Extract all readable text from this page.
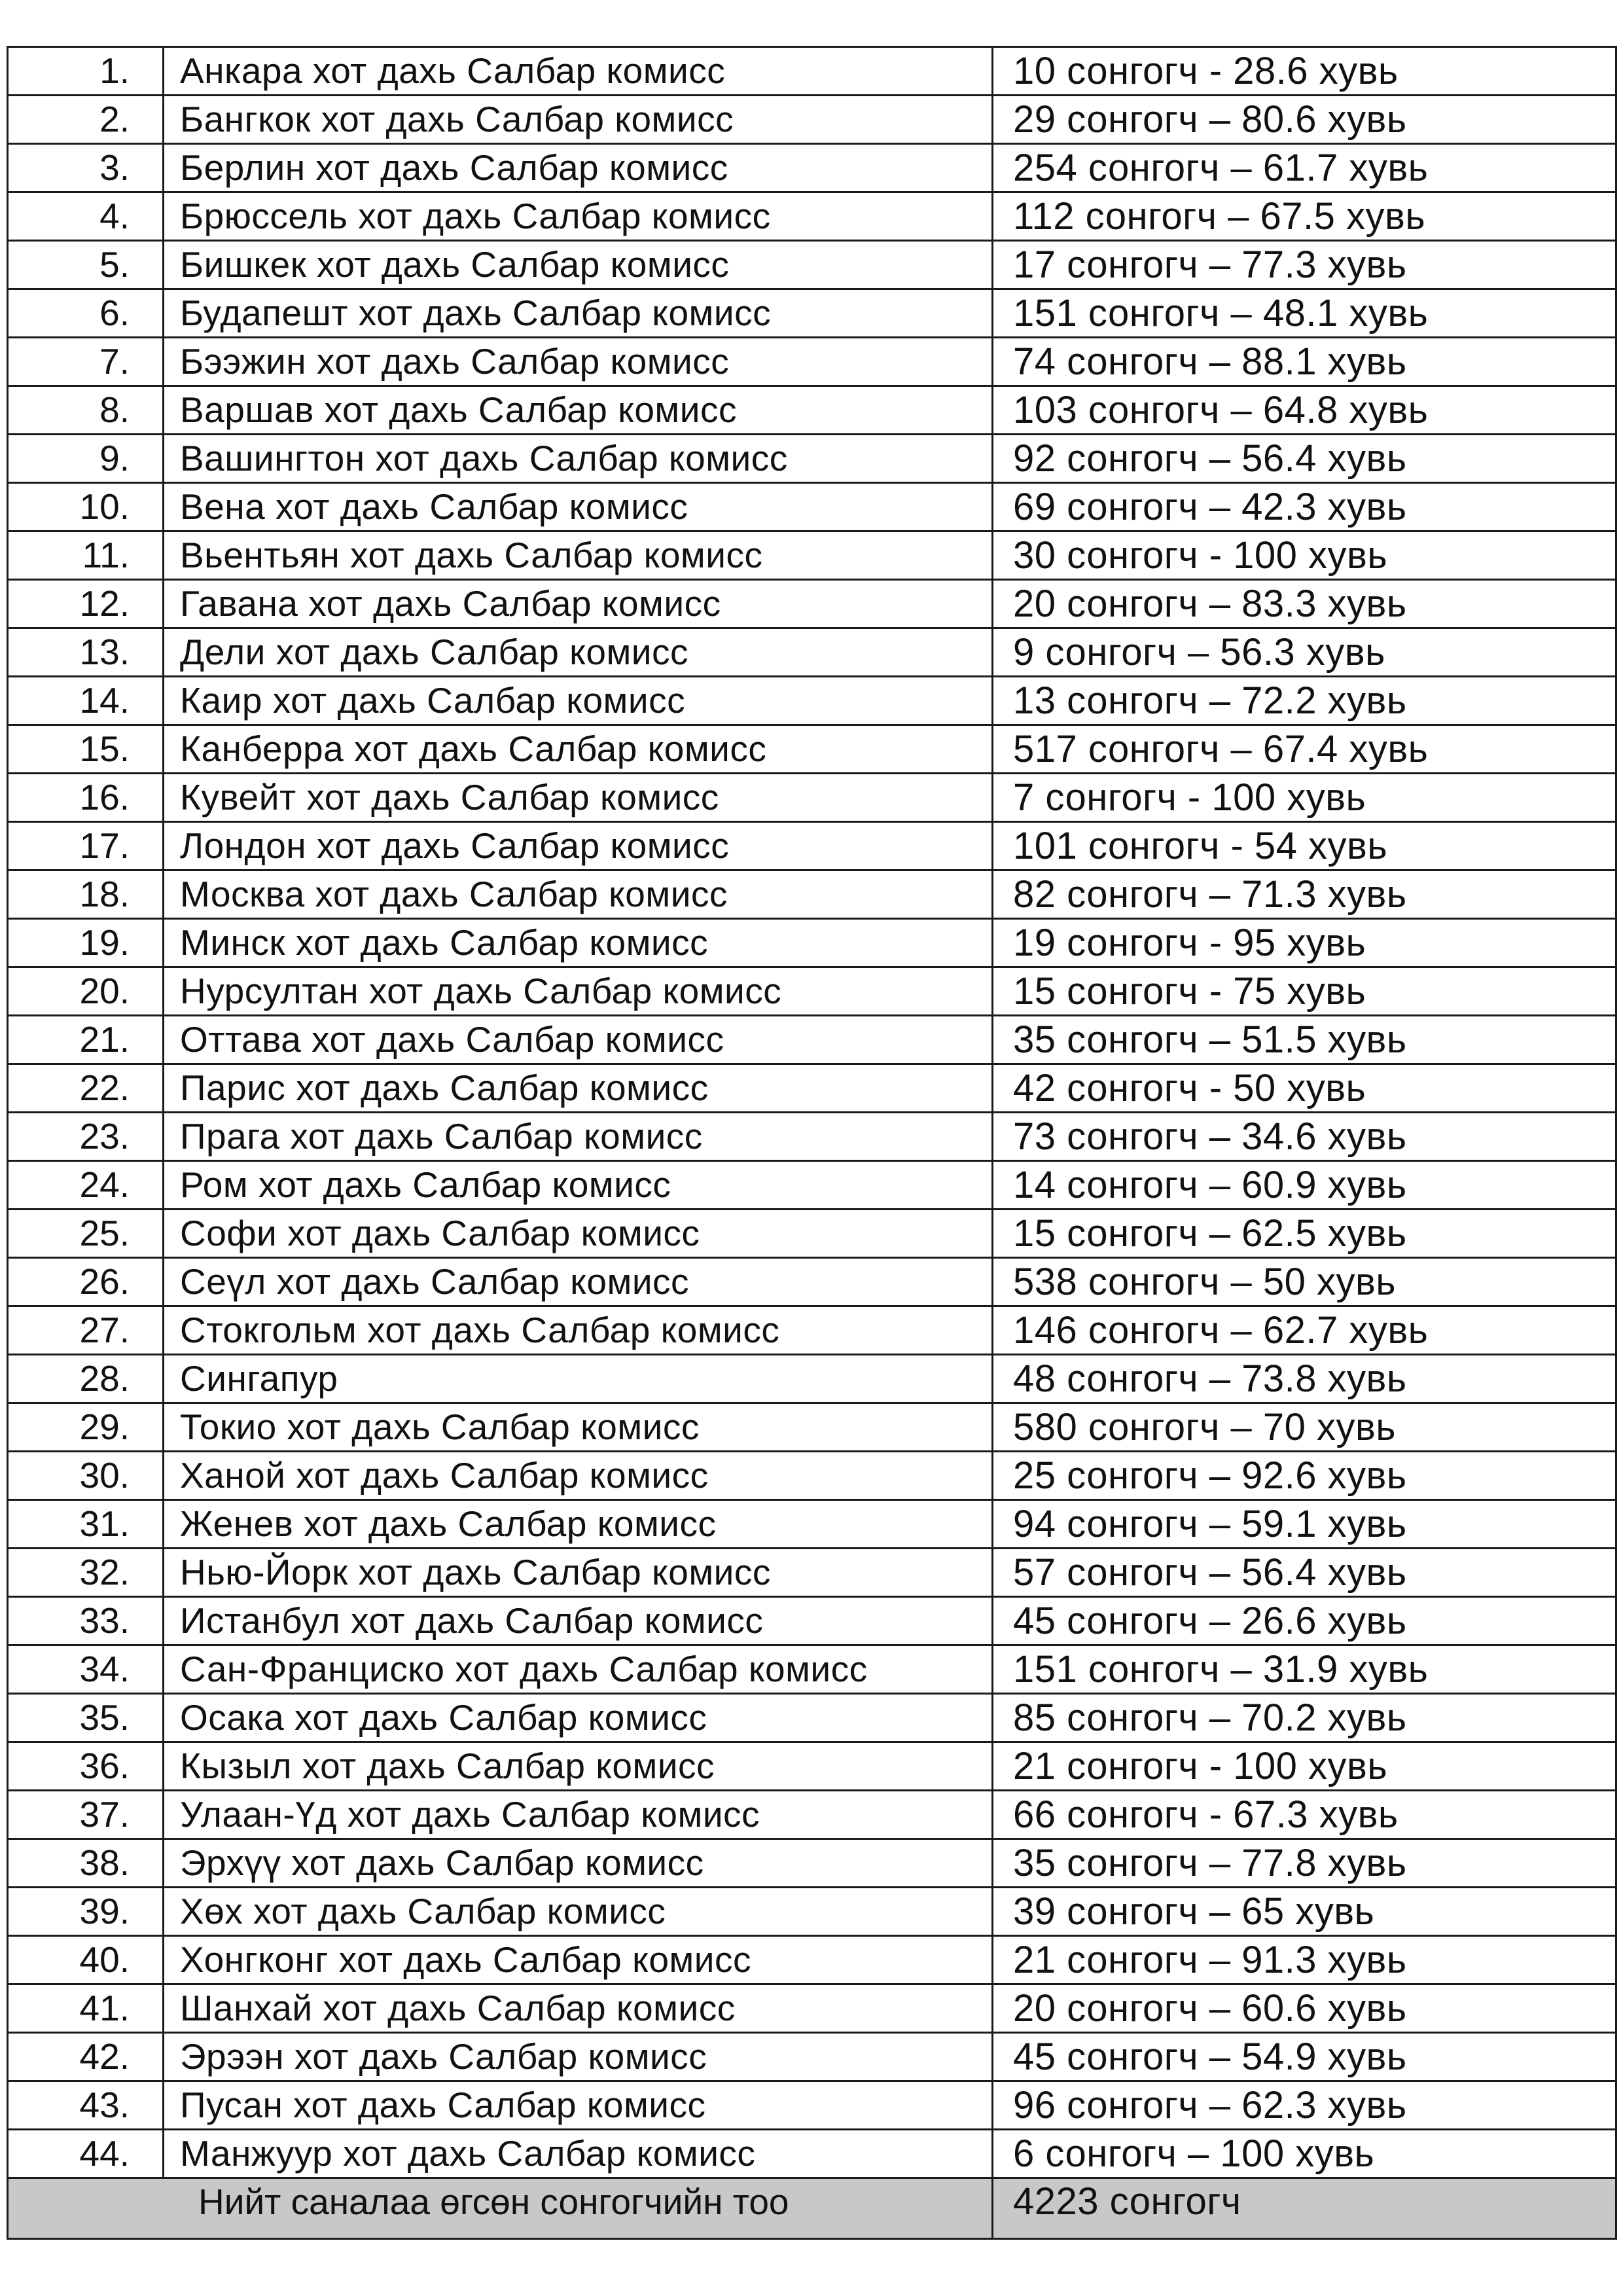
1.	Анкара хот дахь Салбар комисс	10 сонгогч - 28.6 хувь
2.	Бангкок хот дахь Салбар комисс	29 сонгогч – 80.6 хувь
3.	Берлин хот дахь Салбар комисс	254 сонгогч – 61.7 хувь
4.	Брюссель хот дахь Салбар комисс	112 сонгогч – 67.5 хувь
5.	Бишкек хот дахь Салбар комисс	17 сонгогч – 77.3 хувь
6.	Будапешт хот дахь Салбар комисс	151 сонгогч – 48.1 хувь
7.	Бээжин хот дахь Салбар комисс	74 сонгогч – 88.1 хувь
8.	Варшав хот дахь Салбар комисс	103 сонгогч – 64.8 хувь
9.	Вашингтон хот дахь Салбар комисс	92 сонгогч – 56.4 хувь
10.	Вена хот дахь Салбар комисс	69 сонгогч – 42.3 хувь
11.	Вьентьян хот дахь Салбар комисс	30 сонгогч - 100 хувь
12.	Гавана хот дахь Салбар комисс	20 сонгогч – 83.3 хувь
13.	Дели хот дахь Салбар комисс	9 сонгогч – 56.3 хувь
14.	Каир хот дахь Салбар комисс	13 сонгогч – 72.2 хувь
15.	Канберра хот дахь Салбар комисс	517 сонгогч – 67.4 хувь
16.	Кувейт хот дахь Салбар комисс	7 сонгогч - 100 хувь
17.	Лондон хот дахь Салбар комисс	101 сонгогч - 54 хувь
18.	Москва хот дахь Салбар комисс	82 сонгогч – 71.3 хувь
19.	Минск хот дахь Салбар комисс	19 сонгогч - 95 хувь
20.	Нурсултан хот дахь Салбар комисс	15 сонгогч - 75 хувь
21.	Оттава хот дахь Салбар комисс	35 сонгогч – 51.5 хувь
22.	Парис хот дахь Салбар комисс	42 сонгогч - 50 хувь
23.	Прага хот дахь Салбар комисс	73 сонгогч – 34.6 хувь
24.	Ром хот дахь Салбар комисс	14 сонгогч – 60.9 хувь
25.	Софи хот дахь Салбар комисс	15 сонгогч – 62.5 хувь
26.	Сеүл хот дахь Салбар комисс	538 сонгогч – 50 хувь
27.	Стокгольм хот дахь Салбар комисс	146 сонгогч – 62.7 хувь
28.	Сингапур	48 сонгогч – 73.8 хувь
29.	Токио хот дахь Салбар комисс	580 сонгогч – 70 хувь
30.	Ханой хот дахь Салбар комисс	25 сонгогч – 92.6 хувь
31.	Женев хот дахь Салбар комисс	94 сонгогч – 59.1 хувь
32.	Нью-Йорк хот дахь Салбар комисс	57 сонгогч – 56.4 хувь
33.	Истанбул хот дахь Салбар комисс	45 сонгогч – 26.6 хувь
34.	Сан-Франциско хот дахь Салбар комисс	151 сонгогч – 31.9 хувь
35.	Осака хот дахь Салбар комисс	85 сонгогч – 70.2 хувь
36.	Кызыл хот дахь Салбар комисс	21 сонгогч - 100 хувь
37.	Улаан-Үд хот дахь Салбар комисс	66 сонгогч - 67.3 хувь
38.	Эрхүү хот дахь Салбар комисс	35 сонгогч – 77.8 хувь
39.	Хөх хот дахь Салбар комисс	39 сонгогч – 65 хувь
40.	Хонгконг хот дахь Салбар комисс	21 сонгогч – 91.3 хувь
41.	Шанхай хот дахь Салбар комисс	20 сонгогч – 60.6 хувь
42.	Эрээн хот дахь Салбар комисс	45 сонгогч – 54.9 хувь
43.	Пусан хот дахь Салбар комисс	96 сонгогч – 62.3 хувь
44.	Манжуур хот дахь Салбар комисс	6 сонгогч – 100 хувь
Нийт саналаа өгсөн сонгогчийн тоо		4223 сонгогч
